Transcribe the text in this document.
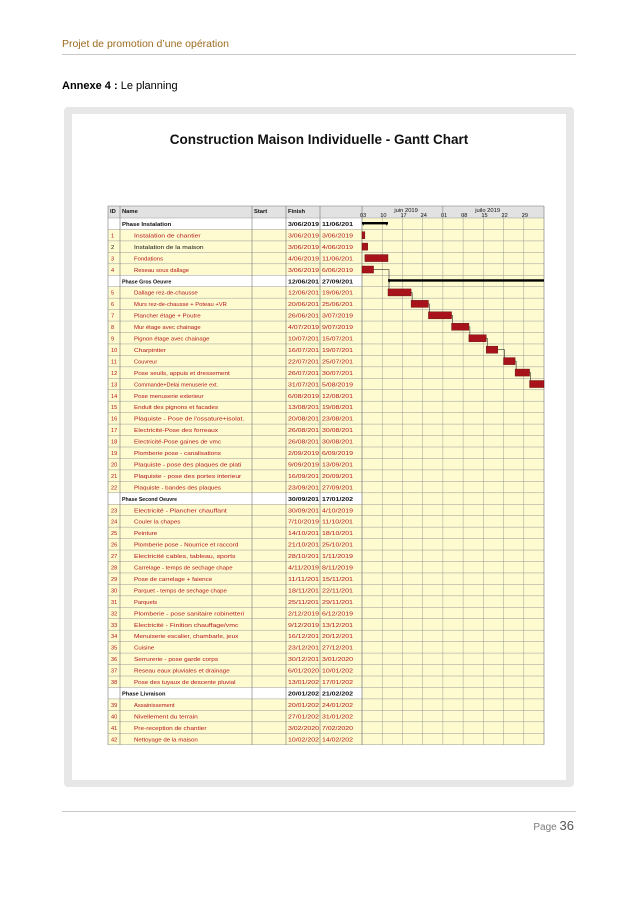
Projet de promotion d’une opération
Annexe 4 : Le planning
Construction Maison Individuelle - Gantt Chart
03 10 17 24 01 08 15 22 29
juin 2019	juilo 2019
ID Name	Start	Finish
Phase Instalation	3/06/2019 11/06/201
1	Instalation de chantier	3/06/2019 3/06/2019
2	Instalation de la maison	3/06/2019 4/06/2019
3	Fondations	4/06/2019 11/06/201
4	Reseau sous dallage	3/06/2019 6/06/2019
Phase Gros Oeuvre	12/06/201 27/09/201
5	Dallage rez-de-chausse	12/06/201 19/06/201
6	Murs rez-de-chausse + Poteau +VR	20/06/201 25/06/201
7	Plancher étage + Poutre	26/06/201 3/07/2019
8	Mur étage avec chainage	4/07/2019 9/07/2019
9	Pignon étage avec chainage	10/07/201 15/07/201
10	Charpintier	16/07/201 19/07/201
11	Couvreur	22/07/201 25/07/201
12	Pose seuils, appuis et dressement	26/07/201 30/07/201
13	Commande+Delai menuserie ext.	31/07/201 5/08/2019
14	Pose menuserie exterieur	6/08/2019 12/08/201
15	Enduit des pignons et facades	13/08/201 19/08/201
16	Plaquiste - Pose de l'ossature+isolat.	20/08/201 23/08/201
17	Electricité-Pose des forreaux	26/08/201 30/08/201
18	Electricité-Pose gaines de vmc	26/08/201 30/08/201
19	Plomberie pose - canalisations	2/09/2019 6/09/2019
20	Plaquiste - pose des plaques de plati	9/09/2019 13/09/201
21	Plaquiste - pose des portes interieur	16/09/201 20/09/201
22	Plaquiste - bandes des plaques	23/09/201 27/09/201
Phase Second Oeuvre	30/09/201 17/01/202
23	Electricité - Plancher chauffant	30/09/201 4/10/2019
24	Couler la chapes	7/10/2019 11/10/201
25	Peinture	14/10/201 18/10/201
26	Plomberie pose - Nourrice et raccord	21/10/201 25/10/201
27	Electricité cables, tableau, sports	28/10/201 1/11/2019
28	Carrelage - temps de sechage chape	4/11/2019 8/11/2019
29	Pose de carrelage + faience	11/11/201 15/11/201
30	Parquet - temps de sechage chape	18/11/201 22/11/201
31	Parquets	25/11/201 29/11/201
32	Plomberie - pose sanitaire robinetteri	2/12/2019 6/12/2019
33	Electricité - Finition chauffage/vmc	9/12/2019 13/12/201
34	Menuiserie escalier, chambarle, jeux	16/12/201 20/12/201
35	Cuisine	23/12/201 27/12/201
36	Serrurerie - pose garde corps	30/12/201 3/01/2020
37	Reseau eaux pluviales et drainage	6/01/2020 10/01/202
38	Pose des tuyaux de descente pluvial	13/01/202 17/01/202
Phase Livraison	20/01/202 21/02/202
39	Assainissement	20/01/202 24/01/202
40	Nivellement du terrain	27/01/202 31/01/202
41	Pre-reception de chantier	3/02/2020 7/02/2020
42	Nettoyage de la maison	10/02/202 14/02/202
Page 36
